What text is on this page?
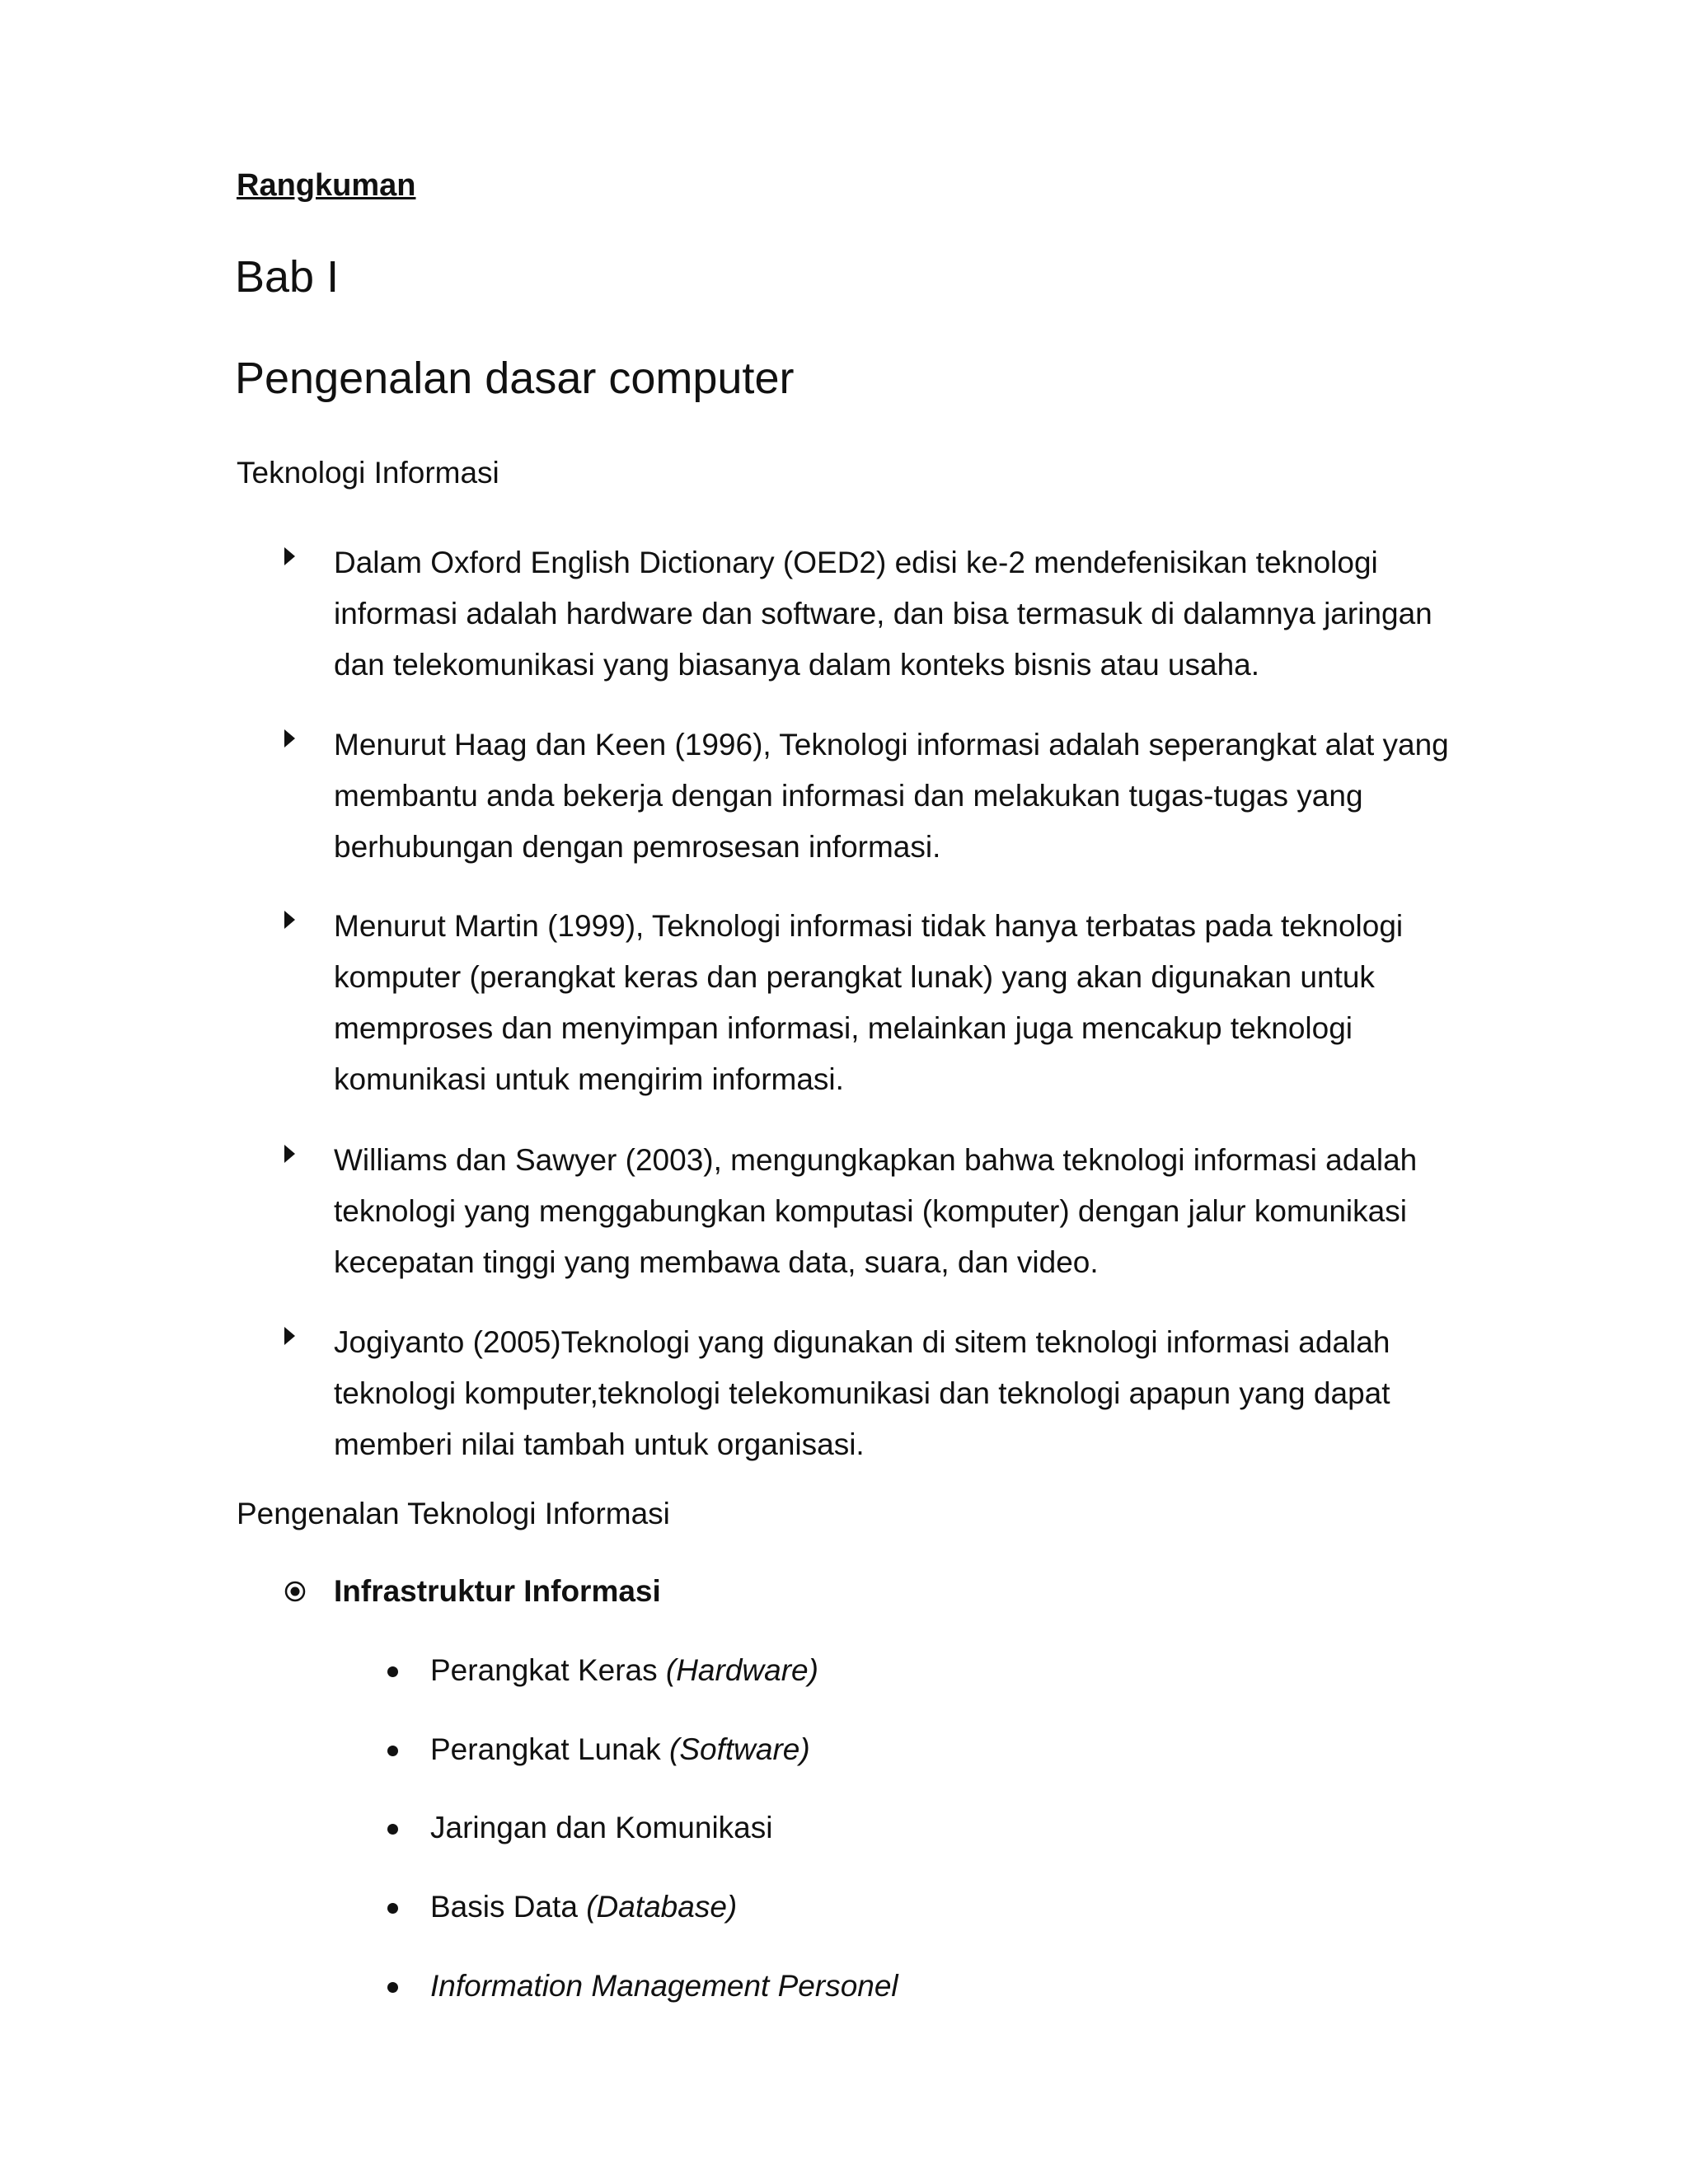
Rangkuman
Bab I
Pengenalan dasar computer
Teknologi Informasi

Dalam Oxford English Dictionary (OED2) edisi ke-2 mendefenisikan teknologi
informasi adalah hardware dan software, dan bisa termasuk di dalamnya jaringan
dan telekomunikasi yang biasanya dalam konteks bisnis atau usaha.

Menurut Haag dan Keen (1996), Teknologi informasi adalah seperangkat alat yang
membantu anda bekerja dengan informasi dan melakukan tugas-tugas yang
berhubungan dengan pemrosesan informasi.

Menurut Martin (1999), Teknologi informasi tidak hanya terbatas pada teknologi
komputer (perangkat keras dan perangkat lunak) yang akan digunakan untuk
memproses dan menyimpan informasi, melainkan juga mencakup teknologi
komunikasi untuk mengirim informasi.

Williams dan Sawyer (2003), mengungkapkan bahwa teknologi informasi adalah
teknologi yang menggabungkan komputasi (komputer) dengan jalur komunikasi
kecepatan tinggi yang membawa data, suara, dan video.

Jogiyanto (2005)Teknologi yang digunakan di sitem teknologi informasi adalah
teknologi komputer,teknologi telekomunikasi dan teknologi apapun yang dapat
memberi nilai tambah untuk organisasi.

Pengenalan Teknologi Informasi
Infrastruktur Informasi
Perangkat Keras (Hardware)
Perangkat Lunak (Software)
Jaringan dan Komunikasi
Basis Data (Database)
Information Management Personel
